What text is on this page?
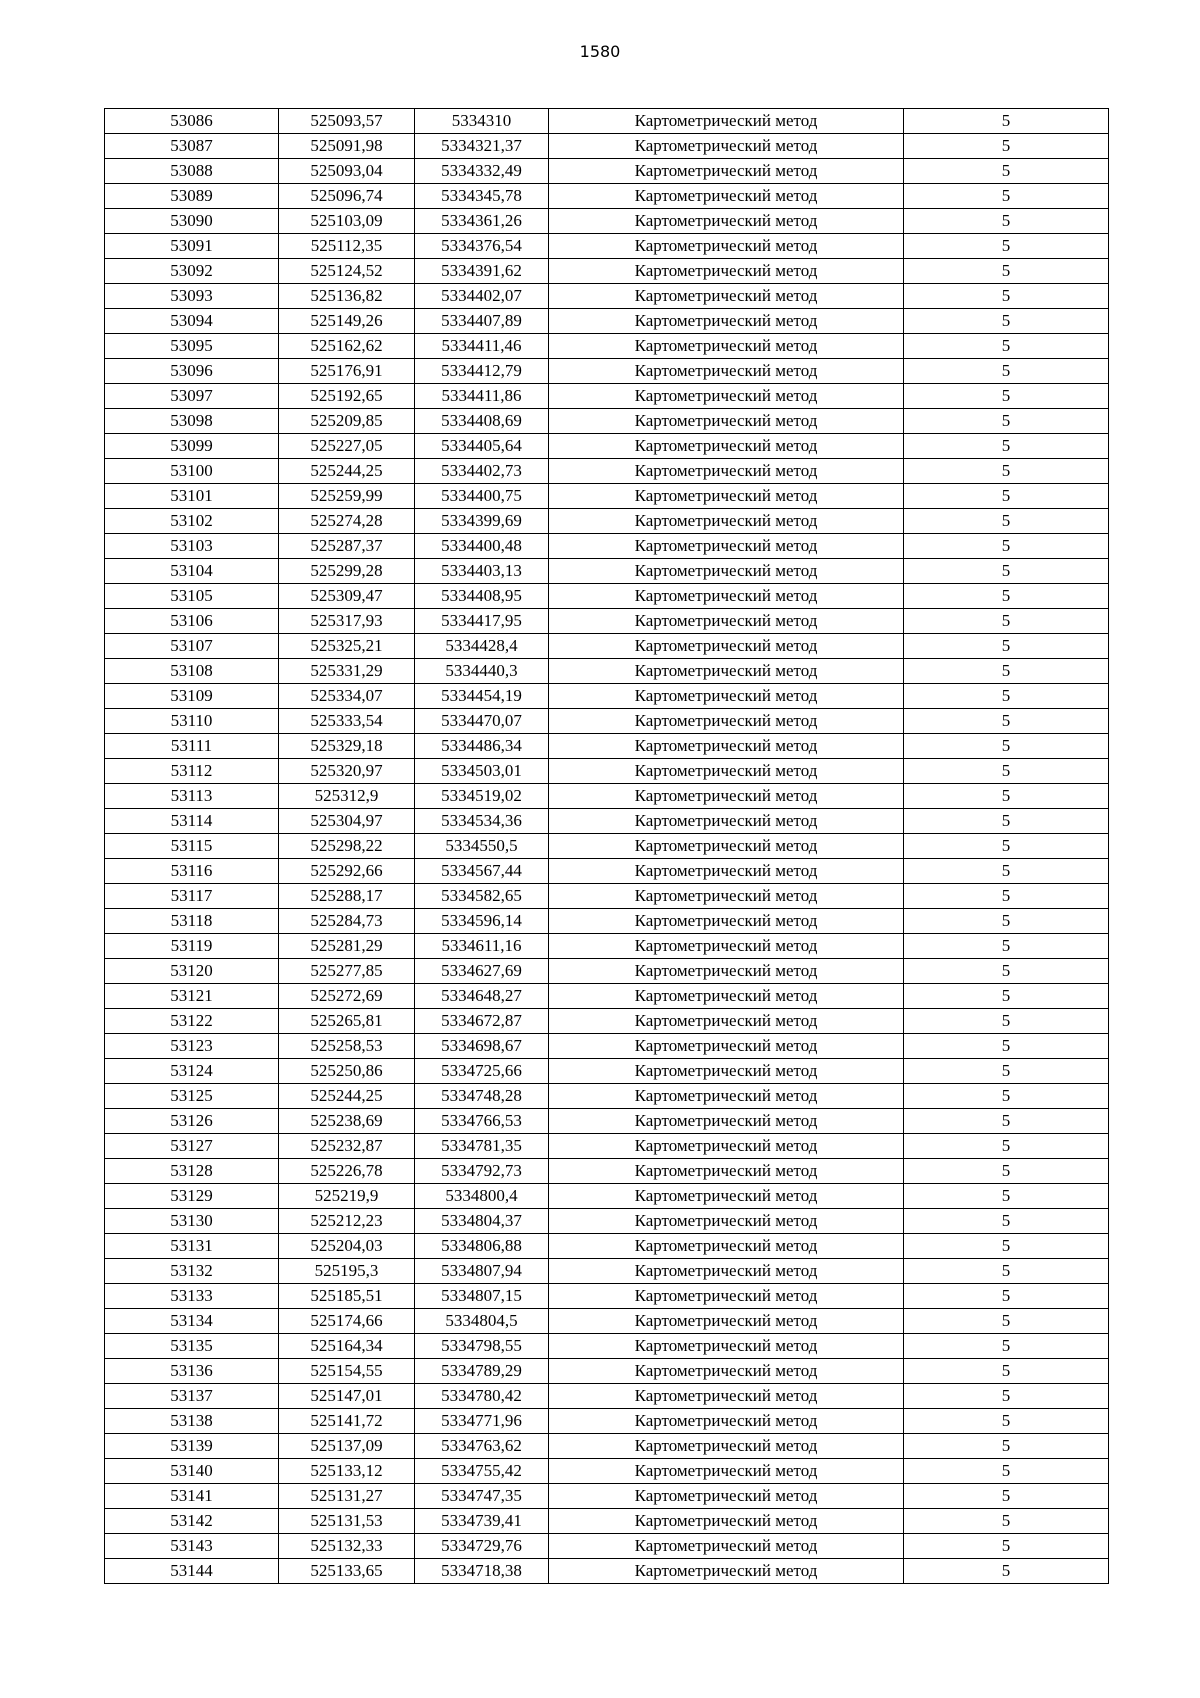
1580
53086	525093,57	5334310	Картометрический метод	5
53087	525091,98	5334321,37	Картометрический метод	5
53088	525093,04	5334332,49	Картометрический метод	5
53089	525096,74	5334345,78	Картометрический метод	5
53090	525103,09	5334361,26	Картометрический метод	5
53091	525112,35	5334376,54	Картометрический метод	5
53092	525124,52	5334391,62	Картометрический метод	5
53093	525136,82	5334402,07	Картометрический метод	5
53094	525149,26	5334407,89	Картометрический метод	5
53095	525162,62	5334411,46	Картометрический метод	5
53096	525176,91	5334412,79	Картометрический метод	5
53097	525192,65	5334411,86	Картометрический метод	5
53098	525209,85	5334408,69	Картометрический метод	5
53099	525227,05	5334405,64	Картометрический метод	5
53100	525244,25	5334402,73	Картометрический метод	5
53101	525259,99	5334400,75	Картометрический метод	5
53102	525274,28	5334399,69	Картометрический метод	5
53103	525287,37	5334400,48	Картометрический метод	5
53104	525299,28	5334403,13	Картометрический метод	5
53105	525309,47	5334408,95	Картометрический метод	5
53106	525317,93	5334417,95	Картометрический метод	5
53107	525325,21	5334428,4	Картометрический метод	5
53108	525331,29	5334440,3	Картометрический метод	5
53109	525334,07	5334454,19	Картометрический метод	5
53110	525333,54	5334470,07	Картометрический метод	5
53111	525329,18	5334486,34	Картометрический метод	5
53112	525320,97	5334503,01	Картометрический метод	5
53113	525312,9	5334519,02	Картометрический метод	5
53114	525304,97	5334534,36	Картометрический метод	5
53115	525298,22	5334550,5	Картометрический метод	5
53116	525292,66	5334567,44	Картометрический метод	5
53117	525288,17	5334582,65	Картометрический метод	5
53118	525284,73	5334596,14	Картометрический метод	5
53119	525281,29	5334611,16	Картометрический метод	5
53120	525277,85	5334627,69	Картометрический метод	5
53121	525272,69	5334648,27	Картометрический метод	5
53122	525265,81	5334672,87	Картометрический метод	5
53123	525258,53	5334698,67	Картометрический метод	5
53124	525250,86	5334725,66	Картометрический метод	5
53125	525244,25	5334748,28	Картометрический метод	5
53126	525238,69	5334766,53	Картометрический метод	5
53127	525232,87	5334781,35	Картометрический метод	5
53128	525226,78	5334792,73	Картометрический метод	5
53129	525219,9	5334800,4	Картометрический метод	5
53130	525212,23	5334804,37	Картометрический метод	5
53131	525204,03	5334806,88	Картометрический метод	5
53132	525195,3	5334807,94	Картометрический метод	5
53133	525185,51	5334807,15	Картометрический метод	5
53134	525174,66	5334804,5	Картометрический метод	5
53135	525164,34	5334798,55	Картометрический метод	5
53136	525154,55	5334789,29	Картометрический метод	5
53137	525147,01	5334780,42	Картометрический метод	5
53138	525141,72	5334771,96	Картометрический метод	5
53139	525137,09	5334763,62	Картометрический метод	5
53140	525133,12	5334755,42	Картометрический метод	5
53141	525131,27	5334747,35	Картометрический метод	5
53142	525131,53	5334739,41	Картометрический метод	5
53143	525132,33	5334729,76	Картометрический метод	5
53144	525133,65	5334718,38	Картометрический метод	5
